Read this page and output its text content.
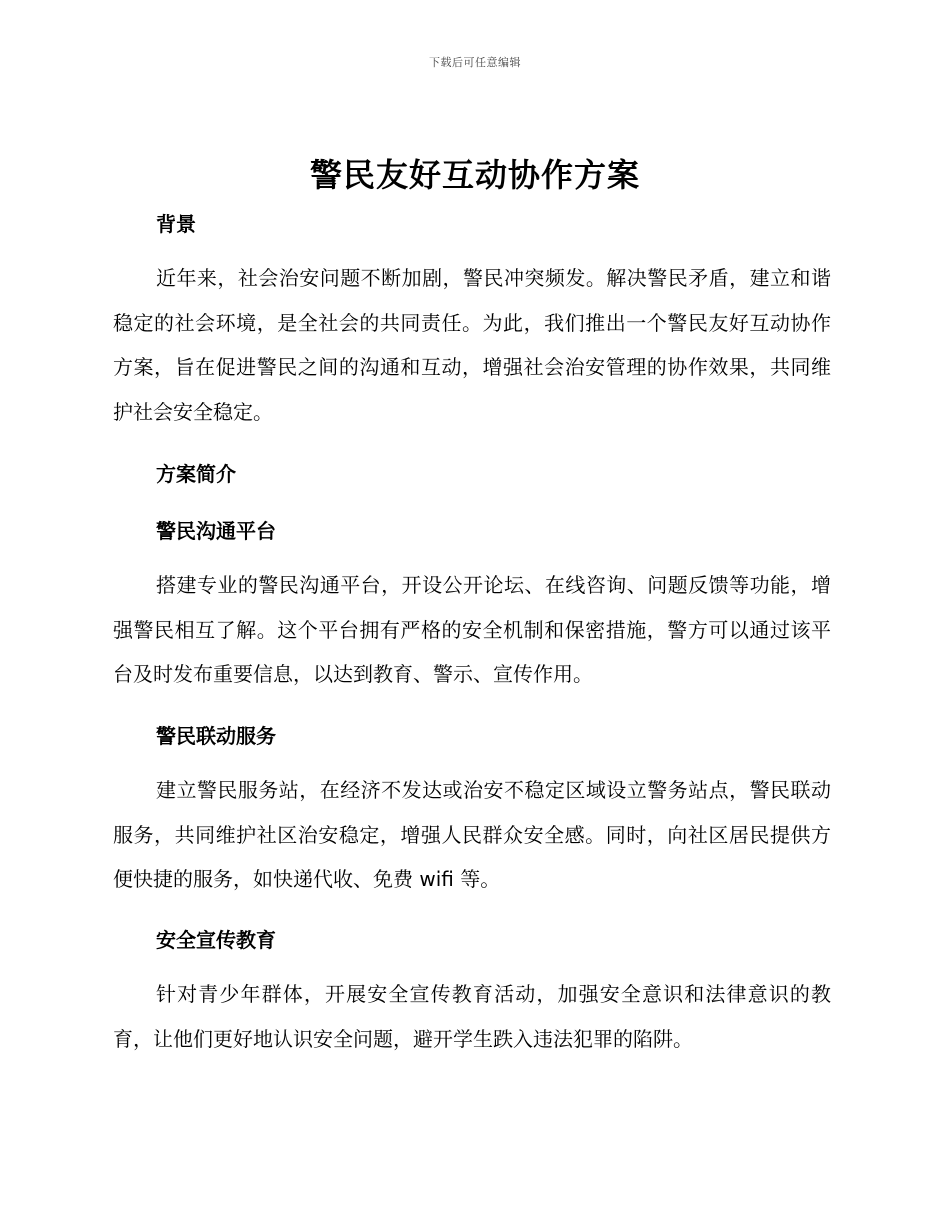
下载后可任意编辑
警民友好互动协作方案
背景
近年来，社会治安问题不断加剧，警民冲突频发。解决警民矛盾，建立和谐稳定的社会环境，是全社会的共同责任。为此，我们推出一个警民友好互动协作方案，旨在促进警民之间的沟通和互动，增强社会治安管理的协作效果，共同维护社会安全稳定。
方案简介
警民沟通平台
搭建专业的警民沟通平台，开设公开论坛、在线咨询、问题反馈等功能，增强警民相互了解。这个平台拥有严格的安全机制和保密措施，警方可以通过该平台及时发布重要信息，以达到教育、警示、宣传作用。
警民联动服务
建立警民服务站，在经济不发达或治安不稳定区域设立警务站点，警民联动服务，共同维护社区治安稳定，增强人民群众安全感。同时，向社区居民提供方便快捷的服务，如快递代收、免费 wifi 等。
安全宣传教育
针对青少年群体，开展安全宣传教育活动，加强安全意识和法律意识的教育，让他们更好地认识安全问题，避开学生跌入违法犯罪的陷阱。
